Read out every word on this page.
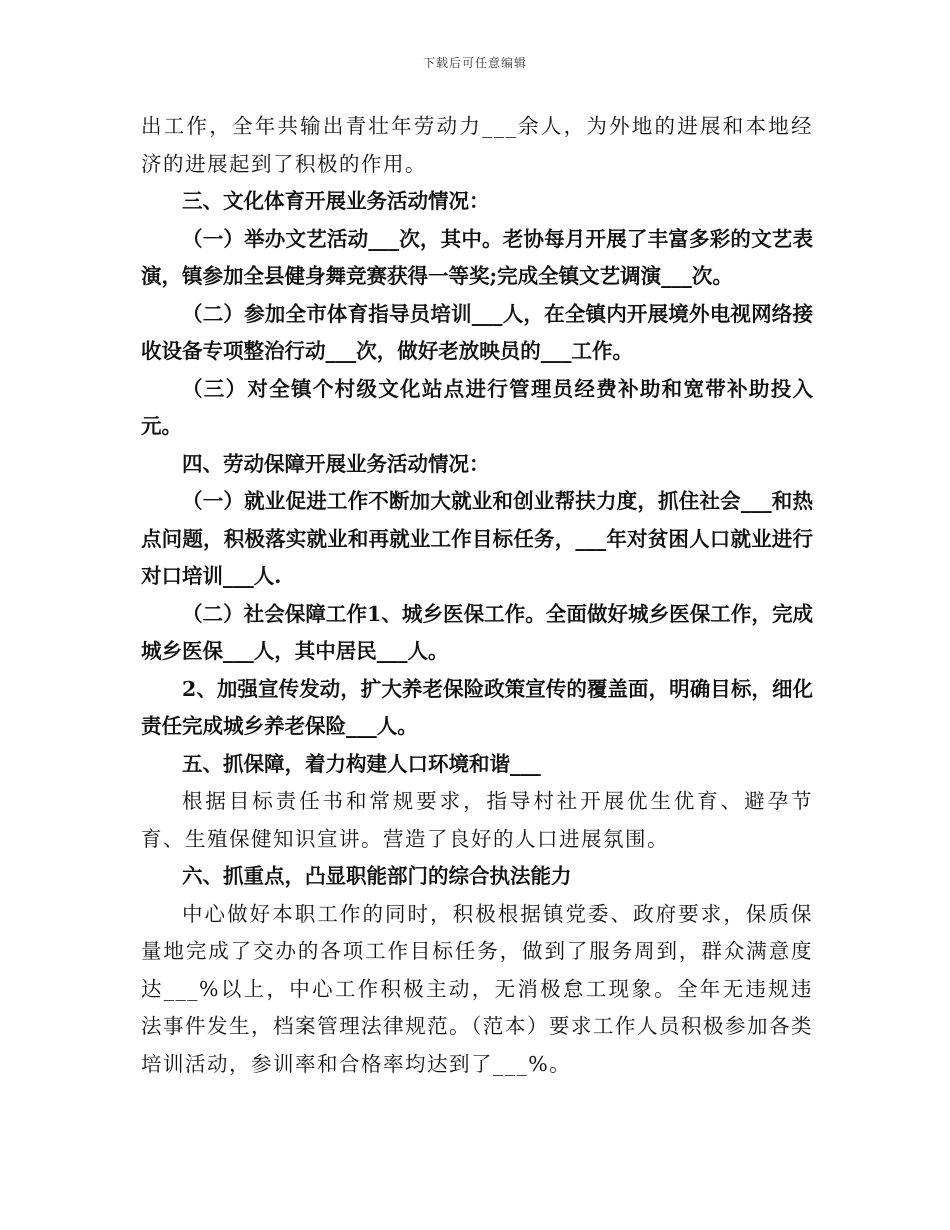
下载后可任意编辑

出工作，全年共输出青壮年劳动力___余人，为外地的进展和本地经济的进展起到了积极的作用。

三、文化体育开展业务活动情况：

（一）举办文艺活动___次，其中。老协每月开展了丰富多彩的文艺表演，镇参加全县健身舞竞赛获得一等奖;完成全镇文艺调演___次。

（二）参加全市体育指导员培训___人，在全镇内开展境外电视网络接收设备专项整治行动___次，做好老放映员的___工作。

（三）对全镇个村级文化站点进行管理员经费补助和宽带补助投入元。

四、劳动保障开展业务活动情况：

（一）就业促进工作不断加大就业和创业帮扶力度，抓住社会___和热点问题，积极落实就业和再就业工作目标任务，___年对贫困人口就业进行对口培训___人.

（二）社会保障工作1、城乡医保工作。全面做好城乡医保工作，完成城乡医保___人，其中居民___人。

2、加强宣传发动，扩大养老保险政策宣传的覆盖面，明确目标，细化责任完成城乡养老保险___人。

五、抓保障，着力构建人口环境和谐___

根据目标责任书和常规要求，指导村社开展优生优育、避孕节育、生殖保健知识宣讲。营造了良好的人口进展氛围。

六、抓重点，凸显职能部门的综合执法能力

中心做好本职工作的同时，积极根据镇党委、政府要求，保质保量地完成了交办的各项工作目标任务，做到了服务周到，群众满意度达___%以上，中心工作积极主动，无消极怠工现象。全年无违规违法事件发生，档案管理法律规范。（范本）要求工作人员积极参加各类培训活动，参训率和合格率均达到了___%。
